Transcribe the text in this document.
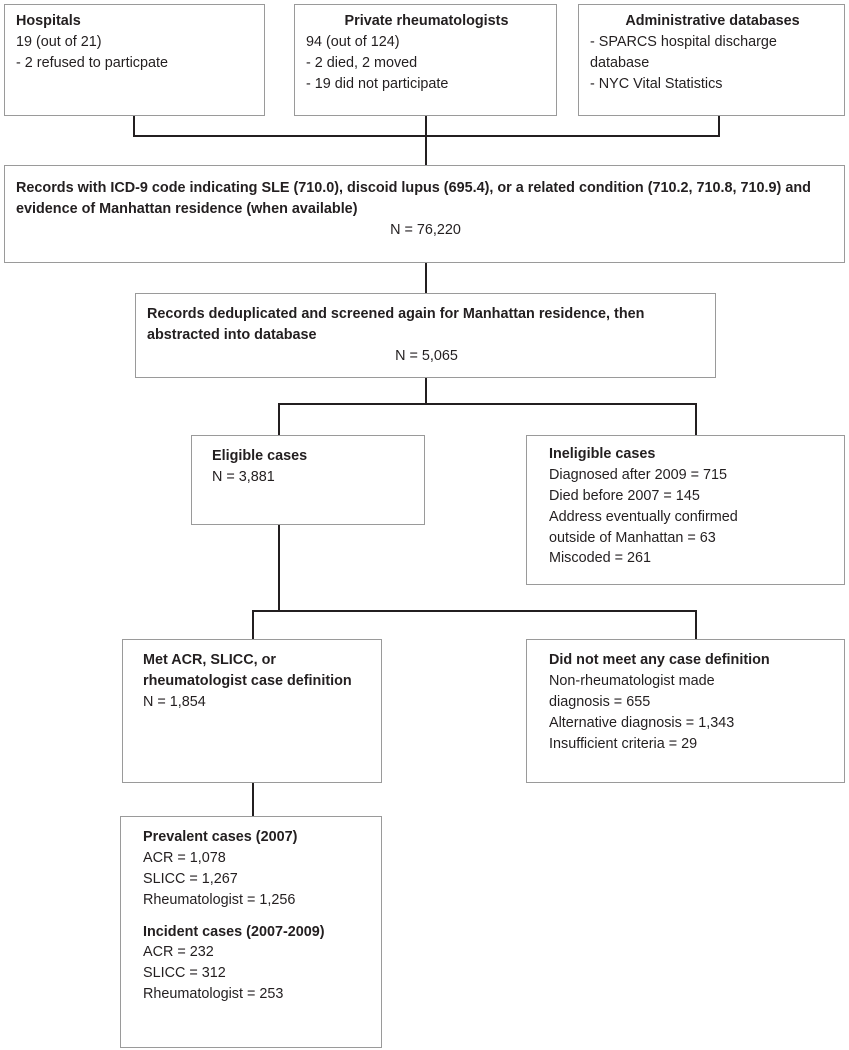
Hospitals
19 (out of 21)
- 2 refused to particpate
Private rheumatologists
94 (out of 124)
- 2 died, 2 moved
- 19 did not participate
Administrative databases
- SPARCS hospital discharge
database
- NYC Vital Statistics
Records with ICD-9 code indicating SLE (710.0), discoid lupus (695.4), or a related condition (710.2, 710.8, 710.9) and evidence of Manhattan residence (when available)
N = 76,220
Records deduplicated and screened again for Manhattan residence, then abstracted into database
N = 5,065
Eligible cases
N = 3,881
Ineligible cases
Diagnosed after 2009 = 715
Died before 2007 = 145
Address eventually confirmed
outside of Manhattan = 63
Miscoded = 261
Met ACR, SLICC, or rheumatologist case definition
N = 1,854
Did not meet any case definition
Non-rheumatologist made
diagnosis = 655
Alternative diagnosis = 1,343
Insufficient criteria = 29
Prevalent cases (2007)
ACR = 1,078
SLICC = 1,267
Rheumatologist = 1,256
Incident cases (2007-2009)
ACR = 232
SLICC = 312
Rheumatologist = 253
